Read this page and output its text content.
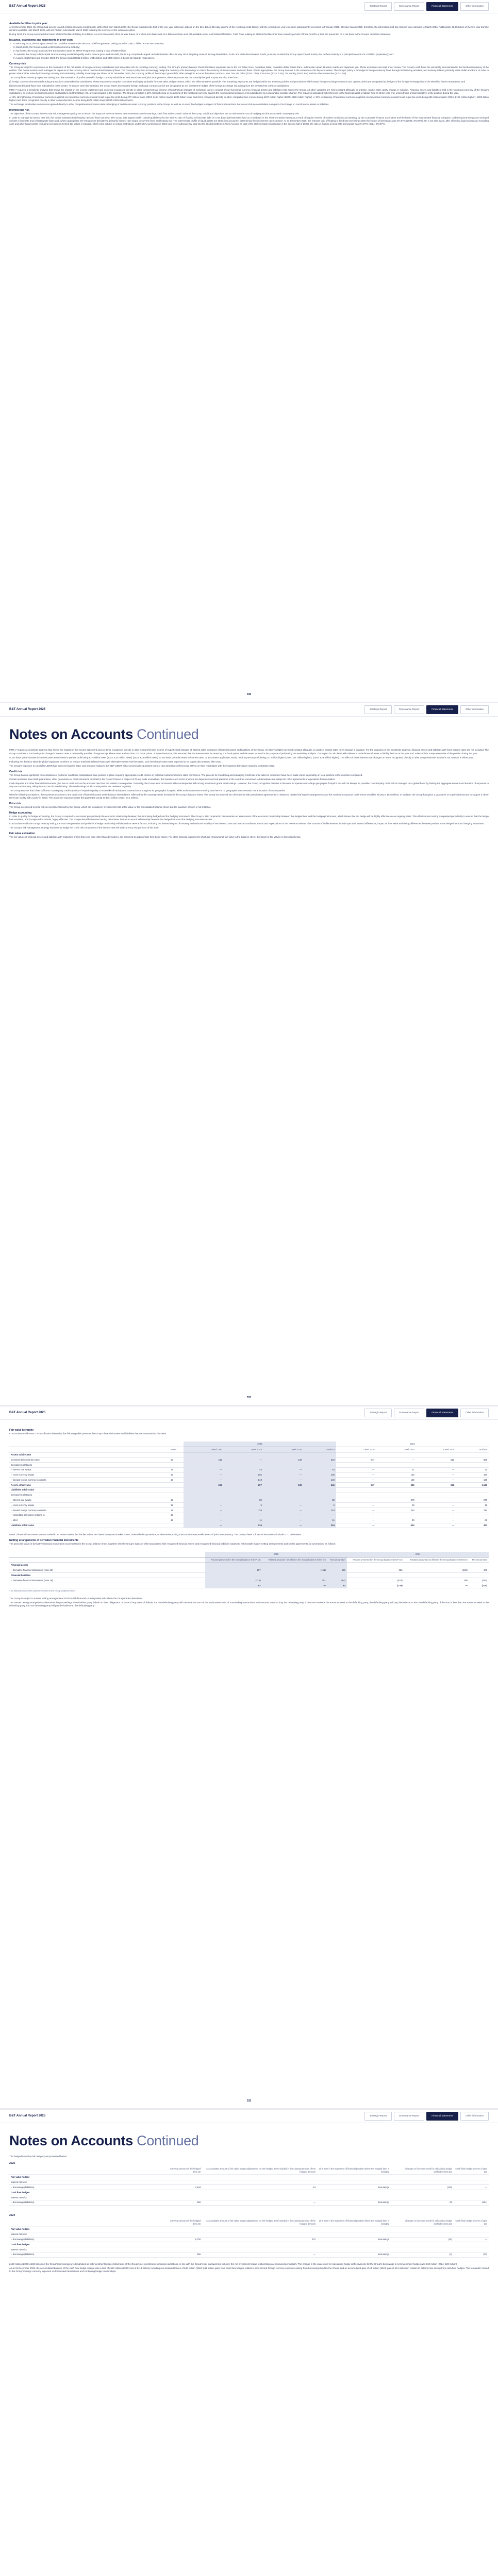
B&T Annual Report 2025	Strategic Report	Governance Report	Financial Statements	Other information
Available facilities in prior year:
At 31 December 2024, the Group had access to a £3.4 billion revolving credit facility. With effect from March 2024, the Group exercised the first of the one-year extension options on the £3.4 billion 364-day tranche of the revolving credit facility, with the second one-year extension subsequently exercised in February 2025. Effective March 2025, therefore, the £3.3 billion 364-day tranche was extended to March 2026. Additionally, £2.85 billion of the five-year tranche remains available until March 2029, with £2.7 billion extended to March 2030 following the exercise of the extension option.
During 2024, the Group extended short-term bilateral facilities totalling £2.6 billion. As at 31 December 2024, nil was drawn on a short-term basis and £0.4 billion undrawn and still available under such bilateral facilities. Cash flows relating to bilateral facilities that have maturity periods of three months or less are presented on a net basis in the Group's cash flow statement.
Issuance, drawdowns and repayments in prior year:
– In February 2024, the Group accessed the US dollar market under the SEC Shelf Programme, raising a total of US$1.7 billion across two tranches;
– In March 2024, the Group repaid a £229 million bond at maturity;
– In April 2024, the Group accessed the Euro market under its EMTN Programme, raising a total of €800 million;
– To optimise the Group's debt capital structure using available liquidity and to reduce gross and net debt, the Group completed capped cash debt tender offers in May 2024, targeting some of its long-dated GBP-, EUR- and USD-denominated bonds, pursuant to which the Group repurchased bonds prior to their maturity in a principal amount of £1.8 billion (equivalent); and
– In August, September and October 2024, the Group repaid US$1.9 billion, US$1 billion and €800 million of bonds at maturity, respectively.
Currency risk
The Group is subject to exposures on the translation of the net assets of foreign currency subsidiaries and associates into its reporting currency, sterling. The Group's primary balance sheet translation exposures are to the US dollar, Euro, Australian dollar, Canadian dollar, Swiss franc, Indonesian rupiah, Russian rouble and Japanese yen. These exposures are kept under review. The Group's cash flows are principally denominated in the functional currency of the entities. The Group monitors and manages its exposure to the currency risk of non-functional currency flows. The Group's policy is to increasingly hedge the currency of its borrowings to match the currency of its net assets and cash flows. Where appropriate, the Group borrows in the currencies of its key economies. The Group's policy is to hedge its foreign currency flows through its financing activities, and treasury-related, primarily in US dollar and Euro, in order to protect shareholder value by increasing certainty and minimising volatility in earnings per share. At 31 December 2024, the currency profile of the Group's gross debt, after taking into account derivative contracts, was 74% US dollar (2024: 74%), 13% Euro (2024: 12%), 7% sterling (2024: 8%) and 6% other currencies (2024: 6%).
The Group faces currency exposures arising from the translation of profits earned in foreign currency subsidiaries and associates and joint arrangements; these exposures are not normally hedged. Exposures also arise from:
(i) foreign currency denominated trading transactions undertaken by subsidiaries. These exposures comprise committed and highly probable forecast sales and purchases, which are offset wherever possible. The remaining exposures are hedged within the Treasury policies and procedures with forward foreign exchange contracts and options, which are designated as hedges of the foreign exchange risk of the identified future transactions; and
(ii) forecast dividend flows from subsidiaries to the centre. To ensure cash flow certainty, the Group enters into forward foreign exchange contracts which are designated as net investment hedges of the foreign exchange risk arising from the investments in these subsidiaries.
IFRS 7 requires a sensitivity analysis that shows the impact on the income statement and on items recognised directly in other comprehensive income of hypothetical changes of exchange rates in respect of non-functional currency financial assets and liabilities held across the Group. All other variables are held constant although, in practice, market rates rarely change in isolation. Financial assets and liabilities held in the functional currency of the Group's subsidiaries, as well as non-financial assets and liabilities and translation risk, are not included in the analysis. The Group considers a 10% strengthening or weakening of the functional currency against the non-functional currency of its subsidiaries as a reasonably possible change. The impact is calculated with reference to the financial asset or liability held as at the year end, unless this is unrepresentative of the position during the year.
A 10% strengthening of functional currencies against non-functional currencies would result in pre-tax profit being £70 million lower (2024: £164 million lower). £203 billion lower and items recognised directly in other comprehensive income being £497 million higher (2024: £386 million higher). A 10% weakening of functional currencies against non-functional currencies would result in pre-tax profit being £86 million higher (2024: £196 million higher), £203 billion higher) and items recognised directly in other comprehensive income being £575 million lower (2024: £459 million lower).
The exchange sensitivities on items recognised directly in other comprehensive income relate to hedging of certain net asset currency positions in the Group, as well as on cash flow hedges in respect of future transactions, but do not include sensitivities in respect of exchange on non-financial assets or liabilities.
Interest rate risk
The objectives of the Group's interest rate risk management policy are to lessen the impact of adverse interest rate movements on the earnings, cash flow and economic value of the Group. Additional objectives are to minimise the cost of hedging and the associated counterparty risk.
In order to manage its interest rate risk, the Group maintains both floating rate and fixed rate debt. The Group sets targets (within overall guidelines) for the desired ratio of floating to fixed rate debt on a net basis (at least 50% fixed on a net basis in the short-to-medium term) as a result of regular reviews of market conditions and strategy by the Corporate Finance Committee and the board of the main central financial company. Underlying borrowings are arranged on both a fixed rate and a floating rate basis and, where appropriate, the Group uses derivatives, primarily interest rate swaps to vary the fixed and floating mix. The interest rate profile of liquid assets are taken into account in determining the net interest rate exposure. At 31 December 2025, the relevant ratio of floating to fixed rate borrowings after the impact of derivatives was 3%:97% (2024: 3%:97%). On a net debt basis, after offsetting liquid assets and excluding cash and other liquid assets (including investments held at fair value) in Canada, which were subject to certain restrictions under CCAA protection in 2024 (and were subsequently paid into the Global Settlement Trust Account as part of the Upfront Cash Contribution in the second half of 2025), the ratio of floating to fixed rate borrowings was 3%:97% (2024: 3%:97%).
330
B&T Annual Report 2025	Strategic Report	Governance Report	Financial Statements	Other information
Notes on Accounts Continued
IFRS 7 requires a sensitivity analysis that shows the impact on the income statement and on items recognised directly in other comprehensive income of hypothetical changes of interest rates in respect of financial assets and liabilities of the Group. All other variables are held constant although, in practice, market rates rarely change in isolation. For the purposes of this sensitivity analysis, financial assets and liabilities with fixed interest rates are not included. The Group considers a 100 basis point change in interest rates a reasonably possible change except where rates are less than 100 basis points. In these instances, it is assumed that the interest rates increase by 100 basis points and decrease to zero for the purpose of performing the sensitivity analysis. The impact is calculated with reference to the financial asset or liability held as at the year end, unless this is unrepresentative of the position during the year.
A 100 basis point increase in interest rates would result in pre-tax profit being £27 million lower (2024: £31 million lower) (2024: £23 million lower). A 100 basis point decrease in interest rates, or less where applicable, would result in pre-tax profit being £27 million higher (2024: £31 million higher), (2024: £23 million higher). The effect of these interest rate changes on items recognised directly in other comprehensive income is not material in either year.
Following the decision taken by global regulators to reform or replace Interbank Offered Rates with alternative nearly risk-free rates, such benchmark rates were expected to be largely discontinued after 2021.
The Group's exposure to US dollar LIBOR had been removed in 2023, and amounts replaced the GBP LIBOR with economically equivalent interest rate derivatives referencing SONIA on their reset dates with the impacted derivatives maturing in October 2023.
Credit risk
The Group has no significant concentrations of customer credit risk. Subsidiaries have policies in place requiring appropriate credit checks on potential customers before sales commence. The process for monitoring and managing credit risk once sales to customers have been made varies depending on local practice in the countries concerned.
Certain territories have bank guarantees, other guarantees or credit insurance provided in the Group's favour in respect of Group trade receivables, the issuance and terms of which are dependent on local practices in the countries concerned. All derivatives are subject to ISDA agreements or equivalent documentation.
Cash deposits and other financial instruments give rise to credit risk on the amounts due from the related counterparties. Generally, the Group aims to transact with counterparties with strong investment grade credit ratings. However, the Group recognises that due to the need to operate over a large geographic footprint, this will not always be possible. Counterparty credit risk is managed on a global basis by limiting the aggregate amount and duration of exposure to any one counterparty, taking into account its credit rating. The credit ratings of all counterparties are reviewed regularly.
The Group ensures that it has sufficient counterparty credit capacity of requisite quality to undertake all anticipated transactions throughout its geographic footprint, while at the same time ensuring that there is no geographic concentration in the location of counterparties.
With the following exceptions, the maximum exposure to the credit risk of financial assets at the balance sheet date is reflected by the carrying values included in the Group's balance sheet. The Group has entered into client terms with participation agreements in relation to certain leaf supply arrangements and the maximum exposure under these would be nil (2024: £52 million). In addition, the Group has given a guarantee on a principal amount to support a short-term loan facility with a party in Brazil. The maximum exposure under this guarantee would be £0.1 million (2024: £0.1 million).
Price risk
The Group is exposed to price risk on investments held by the Group, which are included in investments held at fair value or the consolidated balance sheet, but the quantum of such is not material.
Hedge accounting
In order to qualify for hedge accounting, the Group is required to document prospectively the economic relationship between the item being hedged and the hedging instrument. The Group is also required to demonstrate an assessment of the economic relationship between the hedged item and the hedging instrument, which shows that the hedge will be highly effective on an ongoing basis. This effectiveness testing is repeated periodically to ensure that the hedge has remained, and is expected to remain, highly effective. The prospective effectiveness testing determines that an economic relationship between the hedged item and the hedging instrument exists.
In accordance with the Group Treasury Policy, the exact hedge ratios and profile of a hedge relationship will depend on several factors, including the desired degree of certainty and reduced volatility of net interest costs and market conditions, trends and expectations in the relevant markets. The sources of ineffectiveness include spot and forward differences, impact of time value and timing differences between periods in the hedged item and hedging instrument.
The Group's risk management strategy has been to hedge the credit risk component of the interest rate risk and currency risk portions of this note.
Fair value estimation
The fair values of financial assets and liabilities with maturities of less than one year, other than derivatives, are assumed to approximate their book values. For other financial instruments which are measured at fair value in the balance sheet, the basis for fair values is described below.
331
B&T Annual Report 2025	Strategic Report	Governance Report	Financial Statements	Other information
Fair value hierarchy
In accordance with IFRS 13 classification hierarchy, the following table presents the Group's financial assets and liabilities that are measured at fair value.
		2025				2024			
	Notes	Level 1 £m	Level 2 £m	Level 3 £m	Total £m	Level 1 £m	Level 2 £m	Level 3 £m	Total £m
Assets at fair value									
Investments held at fair value	18	211	—	138	349	647	—	212	859
Derivatives relating to									
– interest rate swaps	19	—	44	—	44	—	11	—	11
– cross-currency swaps	19	—	105	—	105	—	150	—	150
– forward foreign currency contracts	19	—	148	—	148	—	125	—	125
Assets at fair value		211	297	138	646	647	286	212	1,145
Liabilities at fair value									
Derivatives relating to									
– interest rate swaps	19	—	82	—	82	—	270	—	270
– cross-currency swaps	19	—	5	—	5	—	18	—	18
– forward foreign currency contracts	19	—	118	—	118	—	113	—	113
– embedded derivatives relating to	19	—	—	—	—	—	—	—	—
– other	19	—	11	—	11	—	23	—	23
Liabilities at fair value		—	216	—	216	—	424	—	424
Level 1 financial instruments are not traded in an active market, but the fair values are based on quoted market prices, broker/dealer quotations, or alternative pricing sources with reasonable levels of price transparency. The Group's level 2 financial instruments include OTC derivatives.
Netting arrangements of derivative financial instruments
The gross fair value of derivative financial instruments as presented in the Group balance sheet, together with the Group's rights of offset associated with recognised financial assets and recognised financial liabilities subject to enforceable master netting arrangements and similar agreements, is summarised as follows:
	2025			2024		
	Amount presented in the Group balance sheet* £m	Related amounts not offset in the Group balance sheet £m	Net amount £m	Amount presented in the Group balance sheet* £m	Related amounts not offset in the Group balance sheet £m	Net amount £m
Financial assets						
– Derivative financial instruments (note 19)	297	(151)	146	286	(186)	100
Financial liabilities						
– Derivative financial instruments (note 19)	(215)	151	(64)	(424)	186	(240)
	82	—	82	(138)	—	(138)
* No financial instruments have been offset in the Group's balance sheet.
The Group is subject to master netting arrangements in force with financial counterparties with whom the Group trades derivatives.
The master netting arrangements determine the proceedings should either party default on their obligations. In case of any event of default, the non-defaulting party will calculate the sum of the replacement cost of outstanding transactions and amounts owed to it by the defaulting party. If that sum exceeds the amounts owed to the defaulting party, the defaulting party will pay the balance to the non-defaulting party. If the sum is less than the amounts owed to the defaulting party, the non-defaulting party will pay the balance to the defaulting party.
332
B&T Annual Report 2025	Strategic Report	Governance Report	Financial Statements	Other information
Notes on Accounts Continued
The hedged items by risk category are presented below:
2025
	Carrying amount of the hedged item £m	Accumulated amount of fair value hedge adjustments on the hedged item included in the carrying amount of the hedged item £m	Line item in the statement of financial position where the hedged item is included	Changes in fair value used for calculating hedge ineffectiveness £m	Cash flow hedge reserve of spot £m
Fair value hedges					
Interest rate risk					
– Borrowings (liabilities)	7,844	44	Borrowings	(120)	—
Cash flow hedges					
Interest rate risk					
– Borrowings (liabilities)	392	—	Borrowings	22	(224)
2024
	Carrying amount of the hedged item £m	Accumulated amount of fair value hedge adjustments on the hedged item included in the carrying amount of the hedged item £m	Line item in the statement of financial position where the hedged item is included	Changes in fair value used for calculating hedge ineffectiveness £m	Cash flow hedge reserve of spot £m
Fair value hedges					
Interest rate risk					
– Borrowings (liabilities)	8,700	270	Borrowings	(15)	—
Cash flow hedges					
Interest rate risk					
– Borrowings (liabilities)	256	—	Borrowings	(3)	(19)
£183 million (2024: £183 million) of the Group's borrowings are designated as net investment hedge instruments of the Group's net investments in foreign operations, in line with the Group's risk management policies; the net investment hedge relationships are reviewed periodically. The change in the value used for calculating hedge ineffectiveness for the Group's borrowings in net investment hedges was £10 million (2024: £23 million).
As at 31 December 2025, the accumulated balance of the cash flow hedge reserve was a loss of £110 million (2024: loss of £114 million) including accumulated losses of £46 million (2024: £41 million gain) from cash flow hedges related to interest and foreign currency exposure arising from borrowings held by the Group, and an accumulated gain of £4 million (2024: gain of £14 million) in relation to deferred tax arising from cash flow hedges. The remainder related to the Group's foreign currency exposure on forecasted transactions and continuing hedge relationships.
